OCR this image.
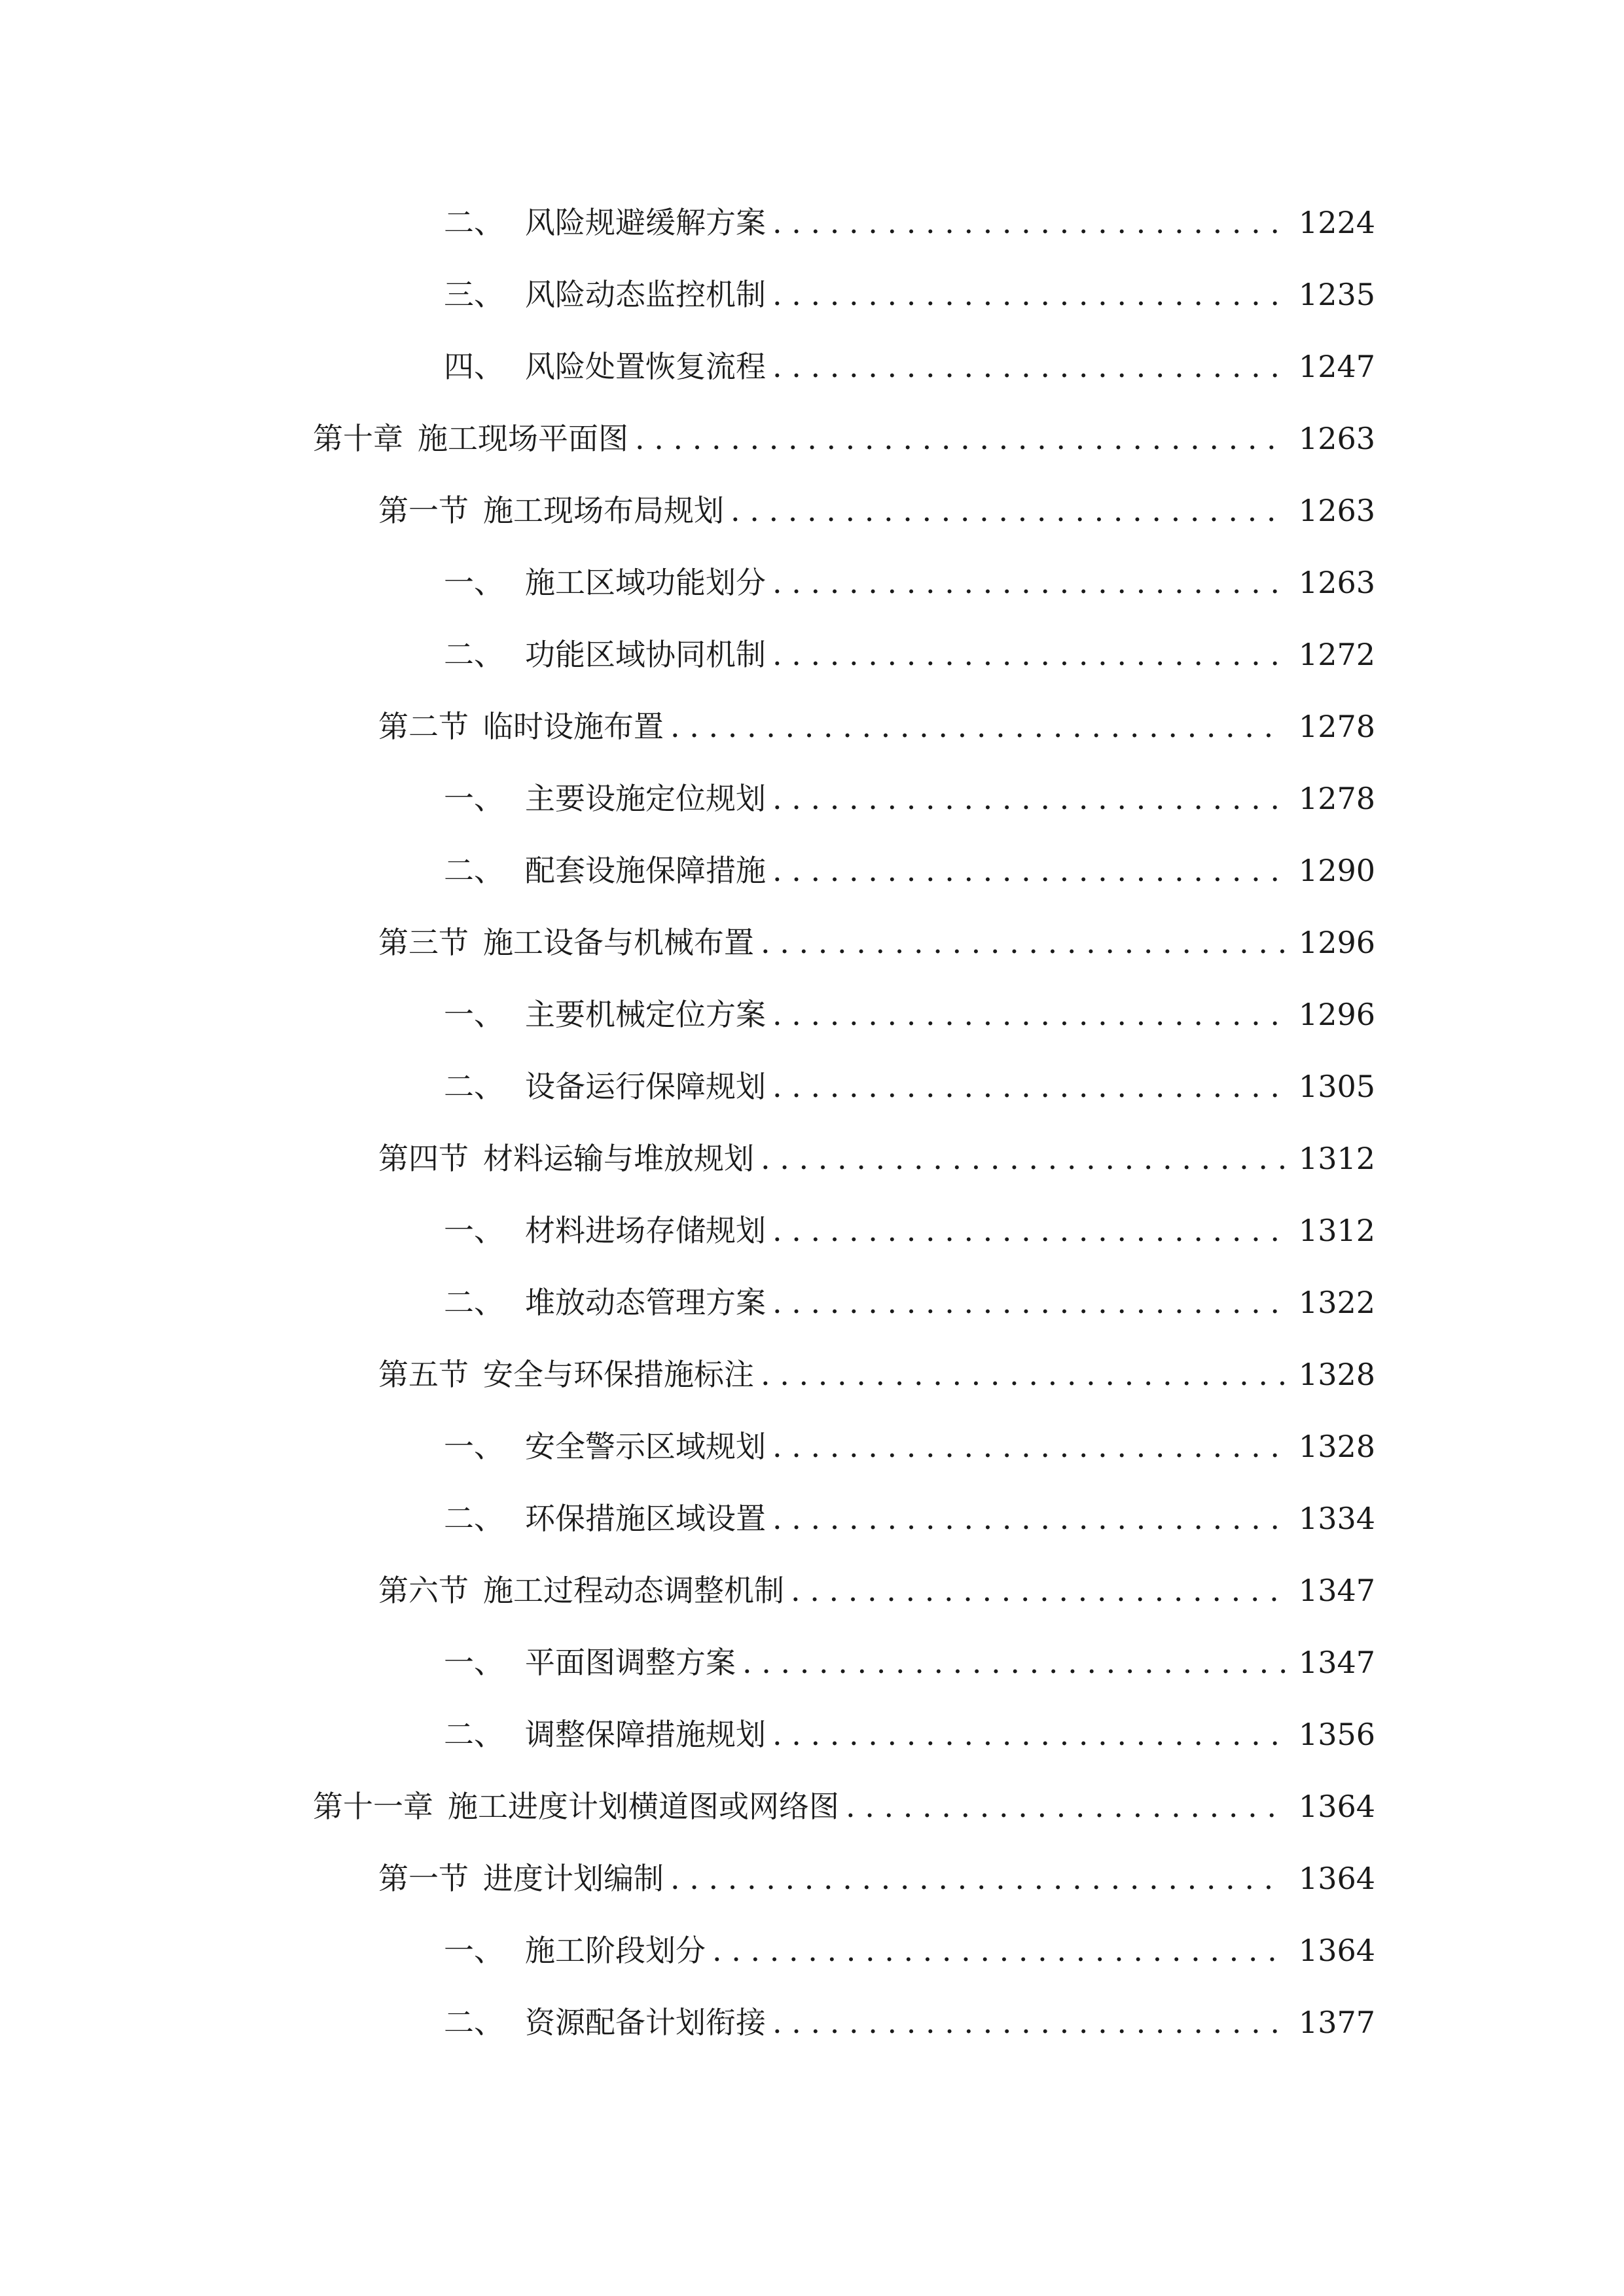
二、 风险规避缓解方案 . . .	1224
三、 风险动态监控机制 . . .	1235
四、 风险处置恢复流程 . . .	1247
第十章 施工现场平面图 . . .	1263
第一节 施工现场布局规划 . . .	1263
一、 施工区域功能划分 . . .	1263
二、 功能区域协同机制 . . .	1272
第二节 临时设施布置 . . .	1278
一、 主要设施定位规划 . . .	1278
二、 配套设施保障措施 . . .	1290
第三节 施工设备与机械布置 . . .	1296
一、 主要机械定位方案 . . .	1296
二、 设备运行保障规划 . . .	1305
第四节 材料运输与堆放规划 . . .	1312
一、 材料进场存储规划 . . .	1312
二、 堆放动态管理方案 . . .	1322
第五节 安全与环保措施标注 . . .	1328
一、 安全警示区域规划 . . .	1328
二、 环保措施区域设置 . . .	1334
第六节 施工过程动态调整机制 . . .	1347
一、 平面图调整方案 . . .	1347
二、 调整保障措施规划 . . .	1356
第十一章 施工进度计划横道图或网络图 . . .	1364
第一节 进度计划编制 . . .	1364
一、 施工阶段划分 . . .	1364
二、 资源配备计划衔接 . . .	1377
